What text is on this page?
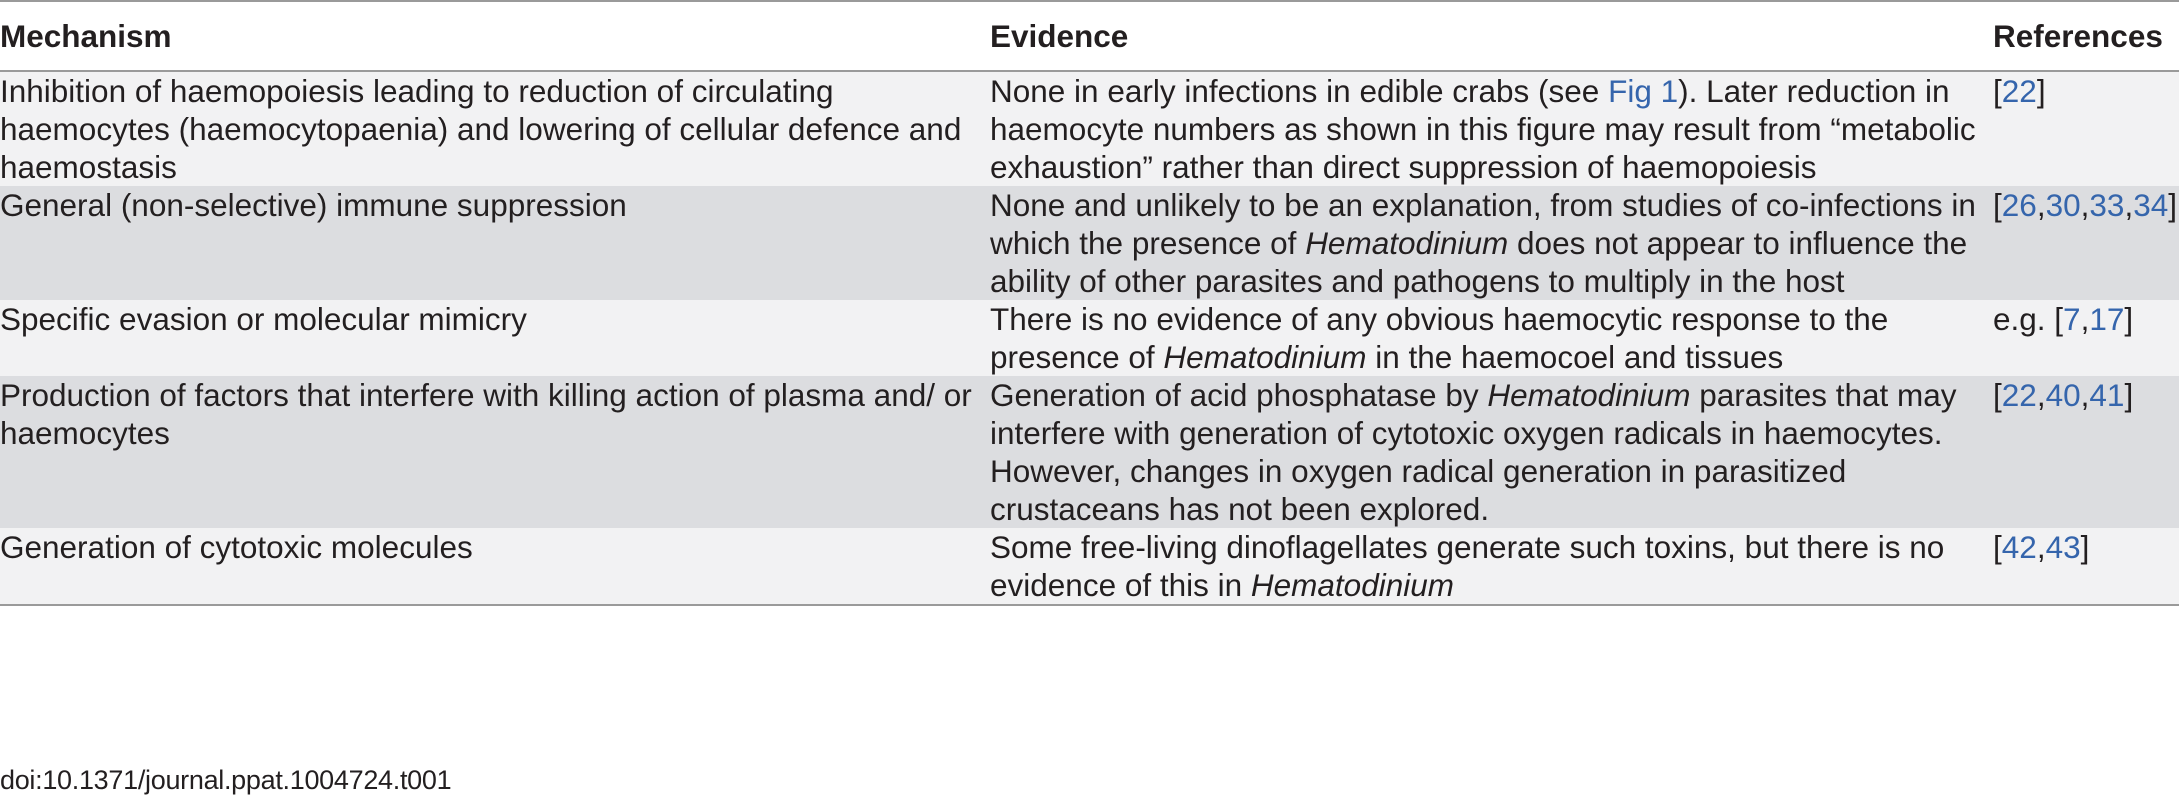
Mechanism	Evidence	References
Inhibition of haemopoiesis leading to reduction of circulating haemocytes (haemocytopaenia) and lowering of cellular defence and haemostasis	None in early infections in edible crabs (see Fig 1). Later reduction in haemocyte numbers as shown in this figure may result from “metabolic exhaustion” rather than direct suppression of haemopoiesis	[22]
General (non-selective) immune suppression	None and unlikely to be an explanation, from studies of co-infections in which the presence of Hematodinium does not appear to influence the ability of other parasites and pathogens to multiply in the host	[26,30,33,34]
Specific evasion or molecular mimicry	There is no evidence of any obvious haemocytic response to the presence of Hematodinium in the haemocoel and tissues	e.g. [7,17]
Production of factors that interfere with killing action of plasma and/ or haemocytes	Generation of acid phosphatase by Hematodinium parasites that may interfere with generation of cytotoxic oxygen radicals in haemocytes. However, changes in oxygen radical generation in parasitized crustaceans has not been explored.	[22,40,41]
Generation of cytotoxic molecules	Some free-living dinoflagellates generate such toxins, but there is no evidence of this in Hematodinium	[42,43]
doi:10.1371/journal.ppat.1004724.t001
